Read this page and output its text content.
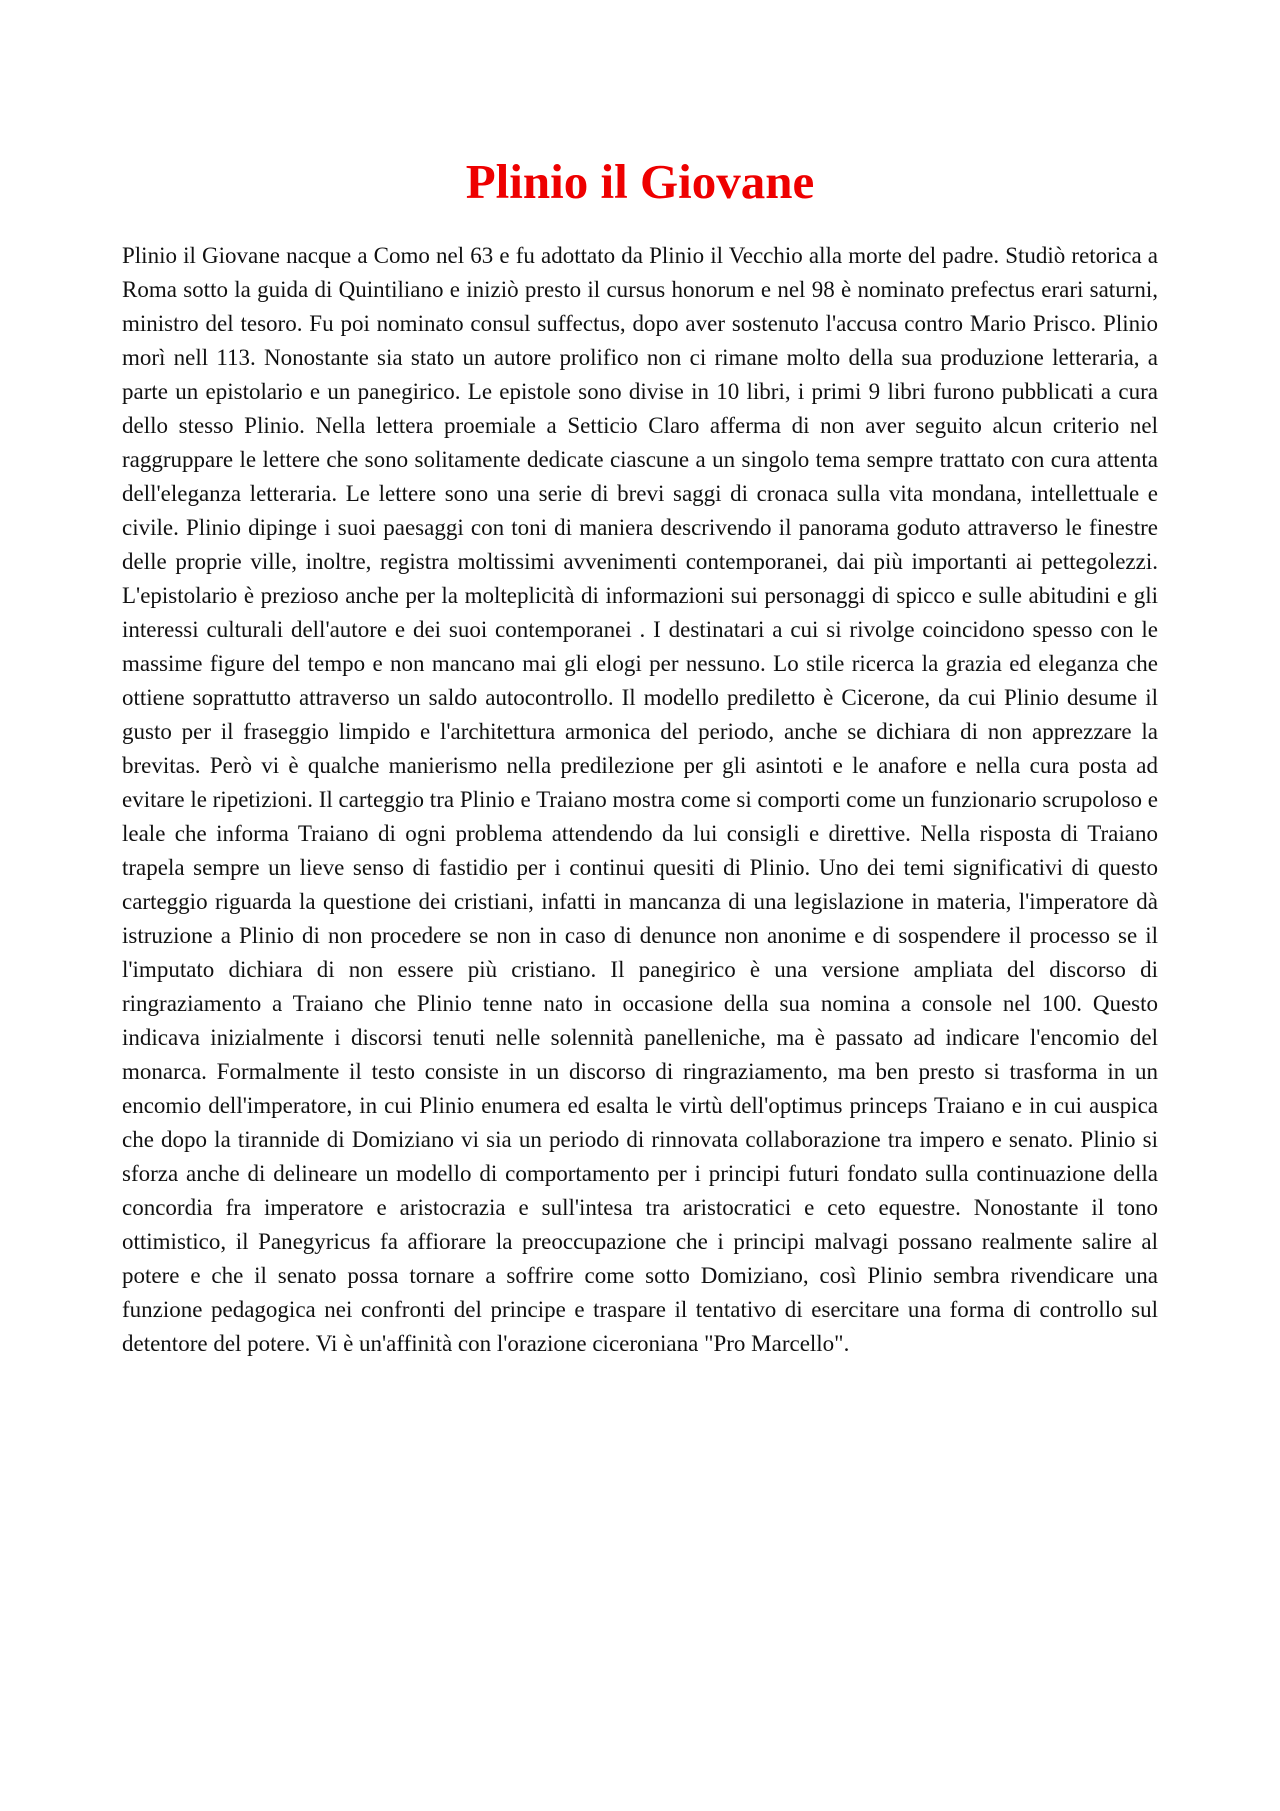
Plinio il Giovane

Plinio il Giovane nacque a Como nel 63 e fu adottato da Plinio il Vecchio alla morte del padre. Studiò retorica a Roma sotto la guida di Quintiliano e iniziò presto il cursus honorum e nel 98 è nominato prefectus erari saturni, ministro del tesoro. Fu poi nominato consul suffectus, dopo aver sostenuto l'accusa contro Mario Prisco. Plinio morì nell 113. Nonostante sia stato un autore prolifico non ci rimane molto della sua produzione letteraria, a parte un epistolario e un panegirico. Le epistole sono divise in 10 libri, i primi 9 libri furono pubblicati a cura dello stesso Plinio. Nella lettera proemiale a Setticio Claro afferma di non aver seguito alcun criterio nel raggruppare le lettere che sono solitamente dedicate ciascune a un singolo tema sempre trattato con cura attenta dell'eleganza letteraria. Le lettere sono una serie di brevi saggi di cronaca sulla vita mondana, intellettuale e civile. Plinio dipinge i suoi paesaggi con toni di maniera descrivendo il panorama goduto attraverso le finestre delle proprie ville, inoltre, registra moltissimi avvenimenti contemporanei, dai più importanti ai pettegolezzi. L'epistolario è prezioso anche per la molteplicità di informazioni sui personaggi di spicco e sulle abitudini e gli interessi culturali dell'autore e dei suoi contemporanei . I destinatari a cui si rivolge coincidono spesso con le massime figure del tempo e non mancano mai gli elogi per nessuno. Lo stile ricerca la grazia ed eleganza che ottiene soprattutto attraverso un saldo autocontrollo. Il modello prediletto è Cicerone, da cui Plinio desume il gusto per il fraseggio limpido e l'architettura armonica del periodo, anche se dichiara di non apprezzare la brevitas. Però vi è qualche manierismo nella predilezione per gli asintoti e le anafore e nella cura posta ad evitare le ripetizioni. Il carteggio tra Plinio e Traiano mostra come si comporti come un funzionario scrupoloso e leale che informa Traiano di ogni problema attendendo da lui consigli e direttive. Nella risposta di Traiano trapela sempre un lieve senso di fastidio per i continui quesiti di Plinio. Uno dei temi significativi di questo carteggio riguarda la questione dei cristiani, infatti in mancanza di una legislazione in materia, l'imperatore dà istruzione a Plinio di non procedere se non in caso di denunce non anonime e di sospendere il processo se il l'imputato dichiara di non essere più cristiano. Il panegirico è una versione ampliata del discorso di ringraziamento a Traiano che Plinio tenne nato in occasione della sua nomina a console nel 100. Questo indicava inizialmente i discorsi tenuti nelle solennità panelleniche, ma è passato ad indicare l'encomio del monarca. Formalmente il testo consiste in un discorso di ringraziamento, ma ben presto si trasforma in un encomio dell'imperatore, in cui Plinio enumera ed esalta le virtù dell'optimus princeps Traiano e in cui auspica che dopo la tirannide di Domiziano vi sia un periodo di rinnovata collaborazione tra impero e senato. Plinio si sforza anche di delineare un modello di comportamento per i principi futuri fondato sulla continuazione della concordia fra imperatore e aristocrazia e sull'intesa tra aristocratici e ceto equestre. Nonostante il tono ottimistico, il Panegyricus fa affiorare la preoccupazione che i principi malvagi possano realmente salire al potere e che il senato possa tornare a soffrire come sotto Domiziano, così Plinio sembra rivendicare una funzione pedagogica nei confronti del principe e traspare il tentativo di esercitare una forma di controllo sul detentore del potere. Vi è un'affinità con l'orazione ciceroniana "Pro Marcello".
